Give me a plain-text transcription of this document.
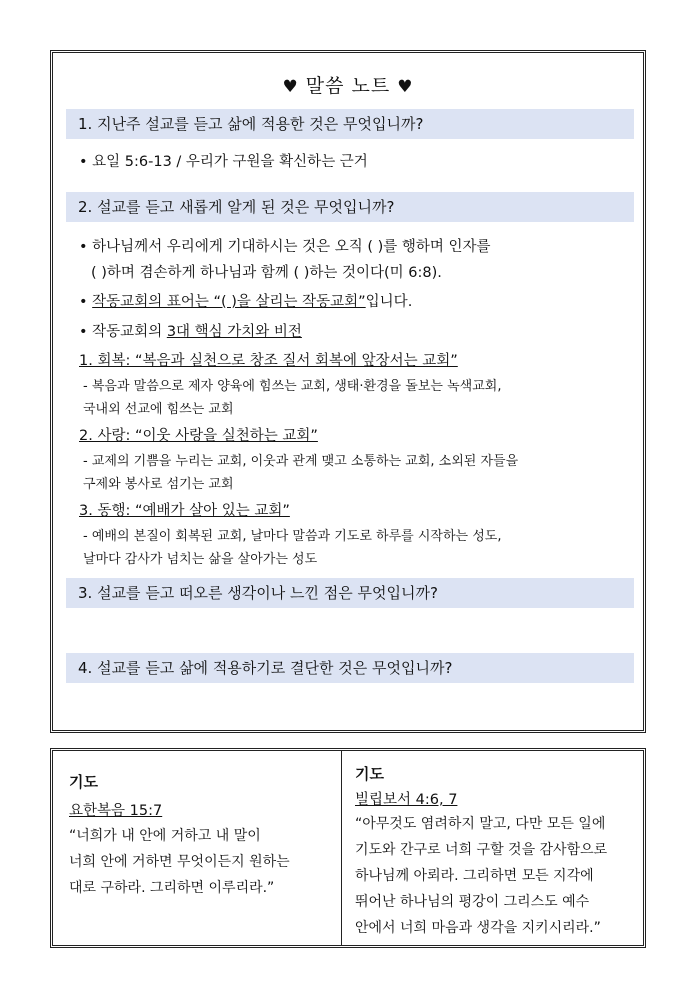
♥ 말씀 노트 ♥
1. 지난주 설교를 듣고 삶에 적용한 것은 무엇입니까?
• 요일 5:6-13 / 우리가 구원을 확신하는 근거
2. 설교를 듣고 새롭게 알게 된 것은 무엇입니까?
• 하나님께서 우리에게 기대하시는 것은 오직 ( )를 행하며 인자를
( )하며 겸손하게 하나님과 함께 ( )하는 것이다(미 6:8).
• 작동교회의 표어는 “( )을 살리는 작동교회”입니다.
• 작동교회의 3대 핵심 가치와 비전
1. 회복: “복음과 실천으로 창조 질서 회복에 앞장서는 교회”
- 복음과 말씀으로 제자 양육에 힘쓰는 교회, 생태·환경을 돌보는 녹색교회,
국내외 선교에 힘쓰는 교회
2. 사랑: “이웃 사랑을 실천하는 교회”
- 교제의 기쁨을 누리는 교회, 이웃과 관계 맺고 소통하는 교회, 소외된 자들을
구제와 봉사로 섬기는 교회
3. 동행: “예배가 살아 있는 교회”
- 예배의 본질이 회복된 교회, 날마다 말씀과 기도로 하루를 시작하는 성도,
날마다 감사가 넘치는 삶을 살아가는 성도
3. 설교를 듣고 떠오른 생각이나 느낀 점은 무엇입니까?
4. 설교를 듣고 삶에 적용하기로 결단한 것은 무엇입니까?
기도
요한복음 15:7
“너희가 내 안에 거하고 내 말이
너희 안에 거하면 무엇이든지 원하는
대로 구하라. 그리하면 이루리라.”
기도
빌립보서 4:6, 7
“아무것도 염려하지 말고, 다만 모든 일에
기도와 간구로 너희 구할 것을 감사함으로
하나님께 아뢰라. 그리하면 모든 지각에
뛰어난 하나님의 평강이 그리스도 예수
안에서 너희 마음과 생각을 지키시리라.”
